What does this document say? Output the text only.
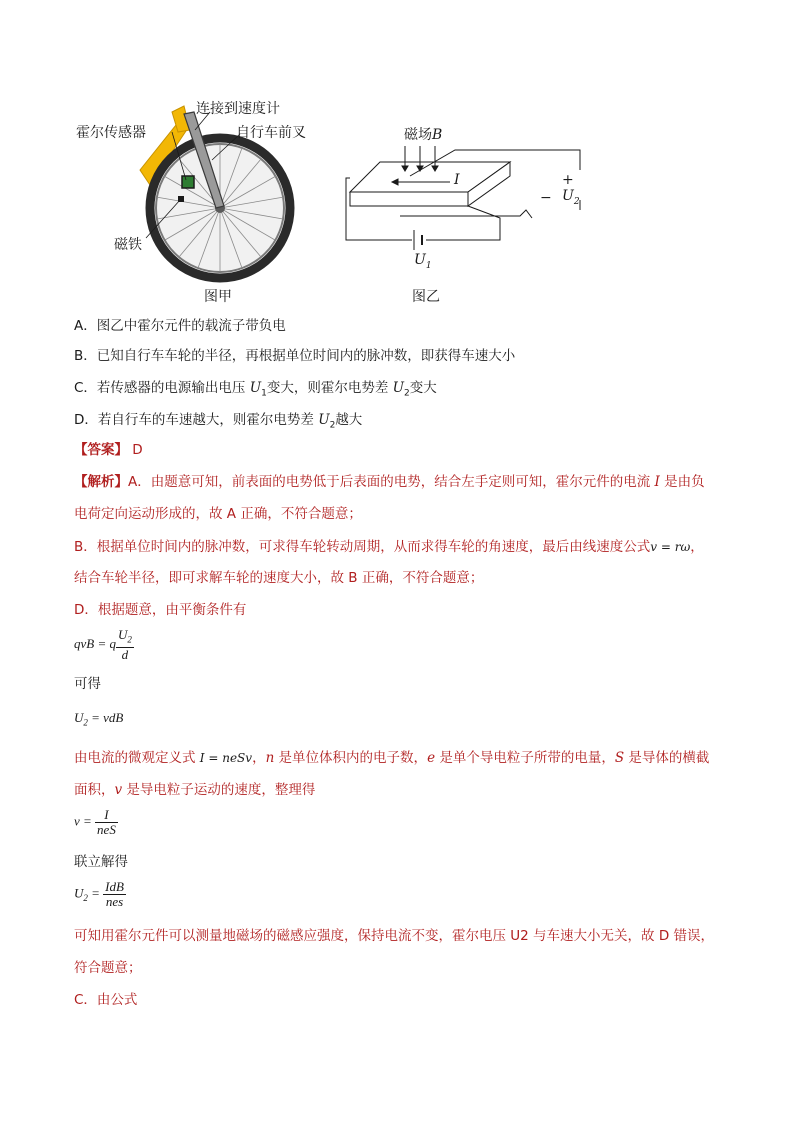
连接到速度计
霍尔传感器	自行车前叉
磁铁
图甲
磁场B
I	+
− $U_2$
$U_1$
图乙
A．图乙中霍尔元件的载流子带负电
B．已知自行车车轮的半径，再根据单位时间内的脉冲数，即获得车速大小
C．若传感器的电源输出电压 $U_1$变大，则霍尔电势差 $U_2$变大
D．若自行车的车速越大，则霍尔电势差 $U_2$越大
【答案】 D
【解析】A．由题意可知，前表面的电势低于后表面的电势，结合左手定则可知，霍尔元件的电流 I 是由负
电荷定向运动形成的，故 A 正确，不符合题意；
B．根据单位时间内的脉冲数，可求得车轮转动周期，从而求得车轮的角速度，最后由线速度公式v = rω，
结合车轮半径，即可求解车轮的速度大小，故 B 正确，不符合题意；
D．根据题意，由平衡条件有
qvB = q $\frac{U_2}{d}$
可得
$U_2$ = vdB
由电流的微观定义式 I = neSv，n 是单位体积内的电子数，e 是单个导电粒子所带的电量，S 是导体的横截
面积，v 是导电粒子运动的速度，整理得
$v = \frac{I}{\text{neS}}$
联立解得
$U_2 = \frac{\text{IdB}}{\text{nes}}$
可知用霍尔元件可以测量地磁场的磁感应强度，保持电流不变，霍尔电压 U2 与车速大小无关，故 D 错误，
符合题意；
C．由公式
